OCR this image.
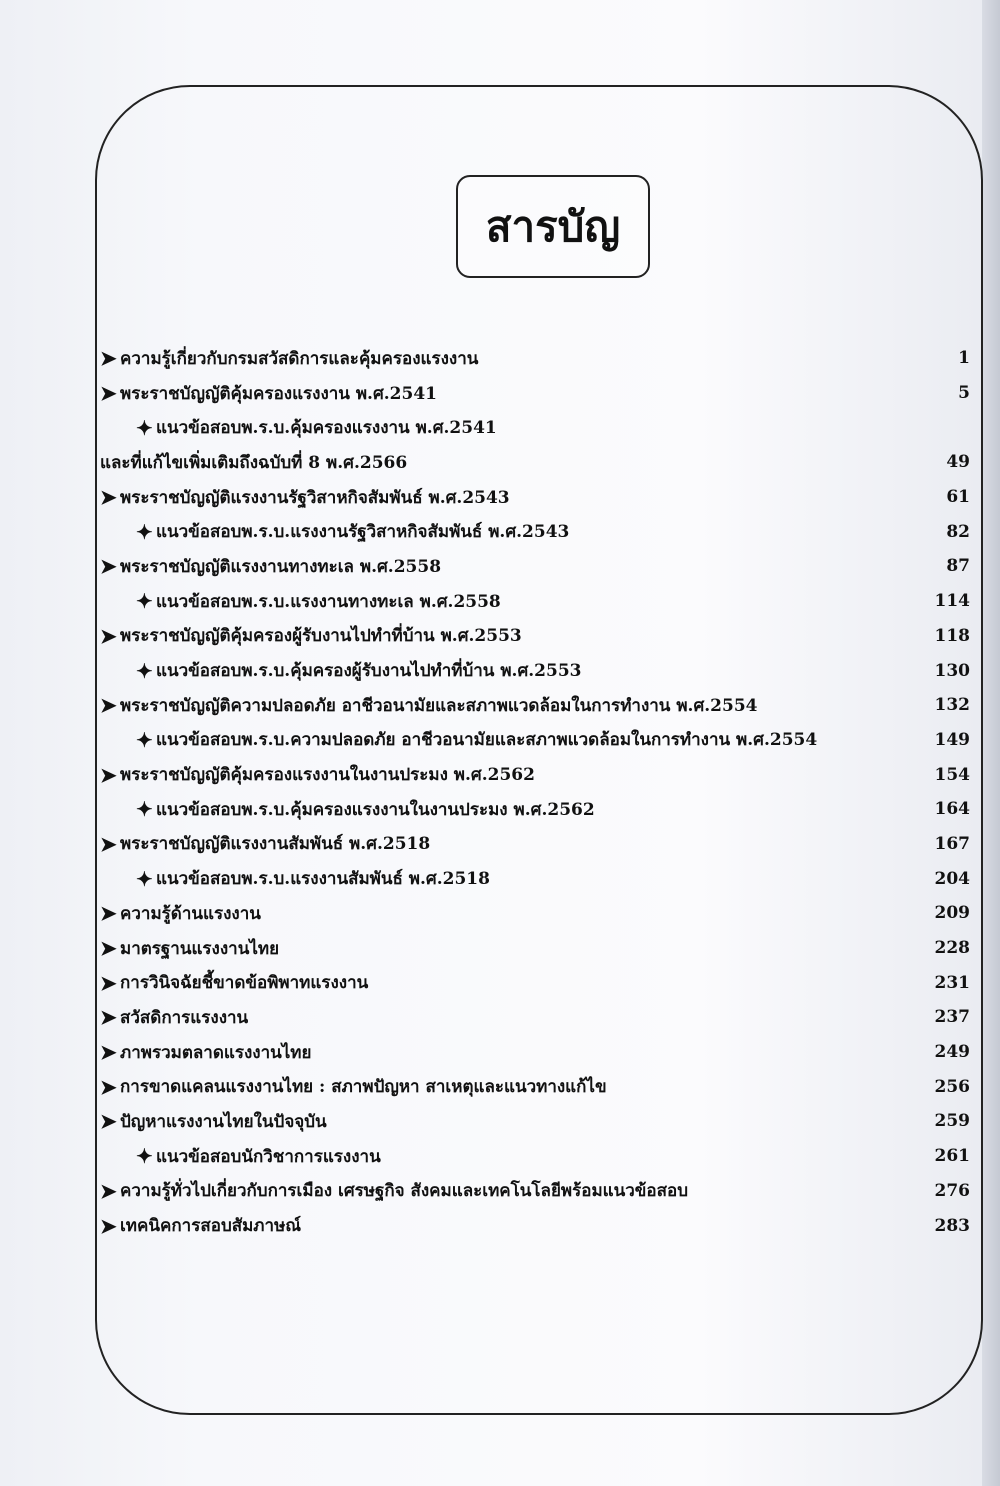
สารบัญ
➤ ความรู้เกี่ยวกับกรมสวัสดิการและคุ้มครองแรงงาน	1
➤ พระราชบัญญัติคุ้มครองแรงงาน พ.ศ.2541	5
✦ แนวข้อสอบพ.ร.บ.คุ้มครองแรงงาน พ.ศ.2541
และที่แก้ไขเพิ่มเติมถึงฉบับที่ 8 พ.ศ.2566	49
➤ พระราชบัญญัติแรงงานรัฐวิสาหกิจสัมพันธ์ พ.ศ.2543	61
✦ แนวข้อสอบพ.ร.บ.แรงงานรัฐวิสาหกิจสัมพันธ์ พ.ศ.2543	82
➤ พระราชบัญญัติแรงงานทางทะเล พ.ศ.2558	87
✦ แนวข้อสอบพ.ร.บ.แรงงานทางทะเล พ.ศ.2558	114
➤ พระราชบัญญัติคุ้มครองผู้รับงานไปทำที่บ้าน พ.ศ.2553	118
✦ แนวข้อสอบพ.ร.บ.คุ้มครองผู้รับงานไปทำที่บ้าน พ.ศ.2553	130
➤ พระราชบัญญัติความปลอดภัย อาชีวอนามัยและสภาพแวดล้อมในการทำงาน พ.ศ.2554	132
✦ แนวข้อสอบพ.ร.บ.ความปลอดภัย อาชีวอนามัยและสภาพแวดล้อมในการทำงาน พ.ศ.2554	149
➤ พระราชบัญญัติคุ้มครองแรงงานในงานประมง พ.ศ.2562	154
✦ แนวข้อสอบพ.ร.บ.คุ้มครองแรงงานในงานประมง พ.ศ.2562	164
➤ พระราชบัญญัติแรงงานสัมพันธ์ พ.ศ.2518	167
✦ แนวข้อสอบพ.ร.บ.แรงงานสัมพันธ์ พ.ศ.2518	204
➤ ความรู้ด้านแรงงาน	209
➤ มาตรฐานแรงงานไทย	228
➤ การวินิจฉัยชี้ขาดข้อพิพาทแรงงาน	231
➤ สวัสดิการแรงงาน	237
➤ ภาพรวมตลาดแรงงานไทย	249
➤ การขาดแคลนแรงงานไทย : สภาพปัญหา สาเหตุและแนวทางแก้ไข	256
➤ ปัญหาแรงงานไทยในปัจจุบัน	259
✦ แนวข้อสอบนักวิชาการแรงงาน	261
➤ ความรู้ทั่วไปเกี่ยวกับการเมือง เศรษฐกิจ สังคมและเทคโนโลยีพร้อมแนวข้อสอบ	276
➤ เทคนิคการสอบสัมภาษณ์	283
